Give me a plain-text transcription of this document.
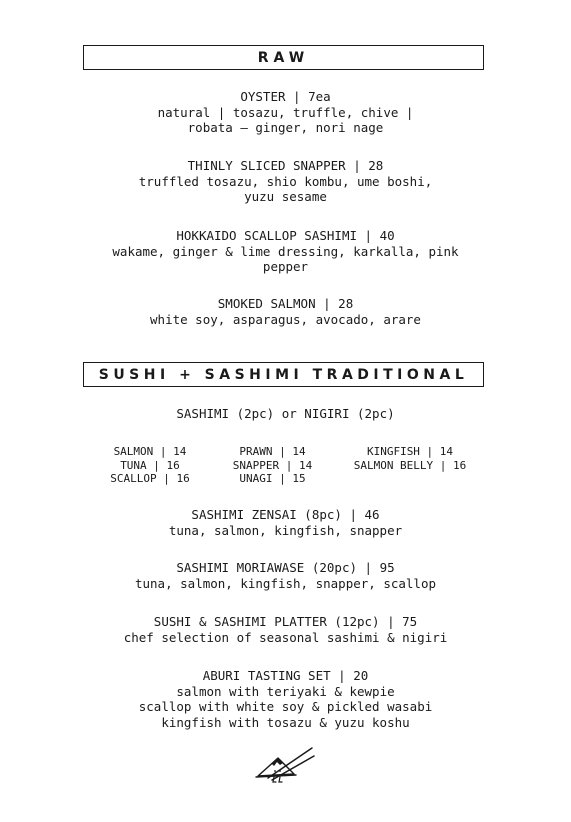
RAW
OYSTER | 7ea
natural | tosazu, truffle, chive |
robata – ginger, nori nage
THINLY SLICED SNAPPER | 28
truffled tosazu, shio kombu, ume boshi,
yuzu sesame
HOKKAIDO SCALLOP SASHIMI | 40
wakame, ginger & lime dressing, karkalla, pink
pepper
SMOKED SALMON | 28
white soy, asparagus, avocado, arare
SUSHI + SASHIMI TRADITIONAL
SASHIMI (2pc) or NIGIRI (2pc)
SALMON | 14
TUNA | 16
SCALLOP | 16
PRAWN | 14
SNAPPER | 14
UNAGI | 15
KINGFISH | 14
SALMON BELLY | 16
SASHIMI ZENSAI (8pc) | 46
tuna, salmon, kingfish, snapper
SASHIMI MORIAWASE (20pc) | 95
tuna, salmon, kingfish, snapper, scallop
SUSHI & SASHIMI PLATTER (12pc) | 75
chef selection of seasonal sashimi & nigiri
ABURI TASTING SET | 20
salmon with teriyaki & kewpie
scallop with white soy & pickled wasabi
kingfish with tosazu & yuzu koshu
